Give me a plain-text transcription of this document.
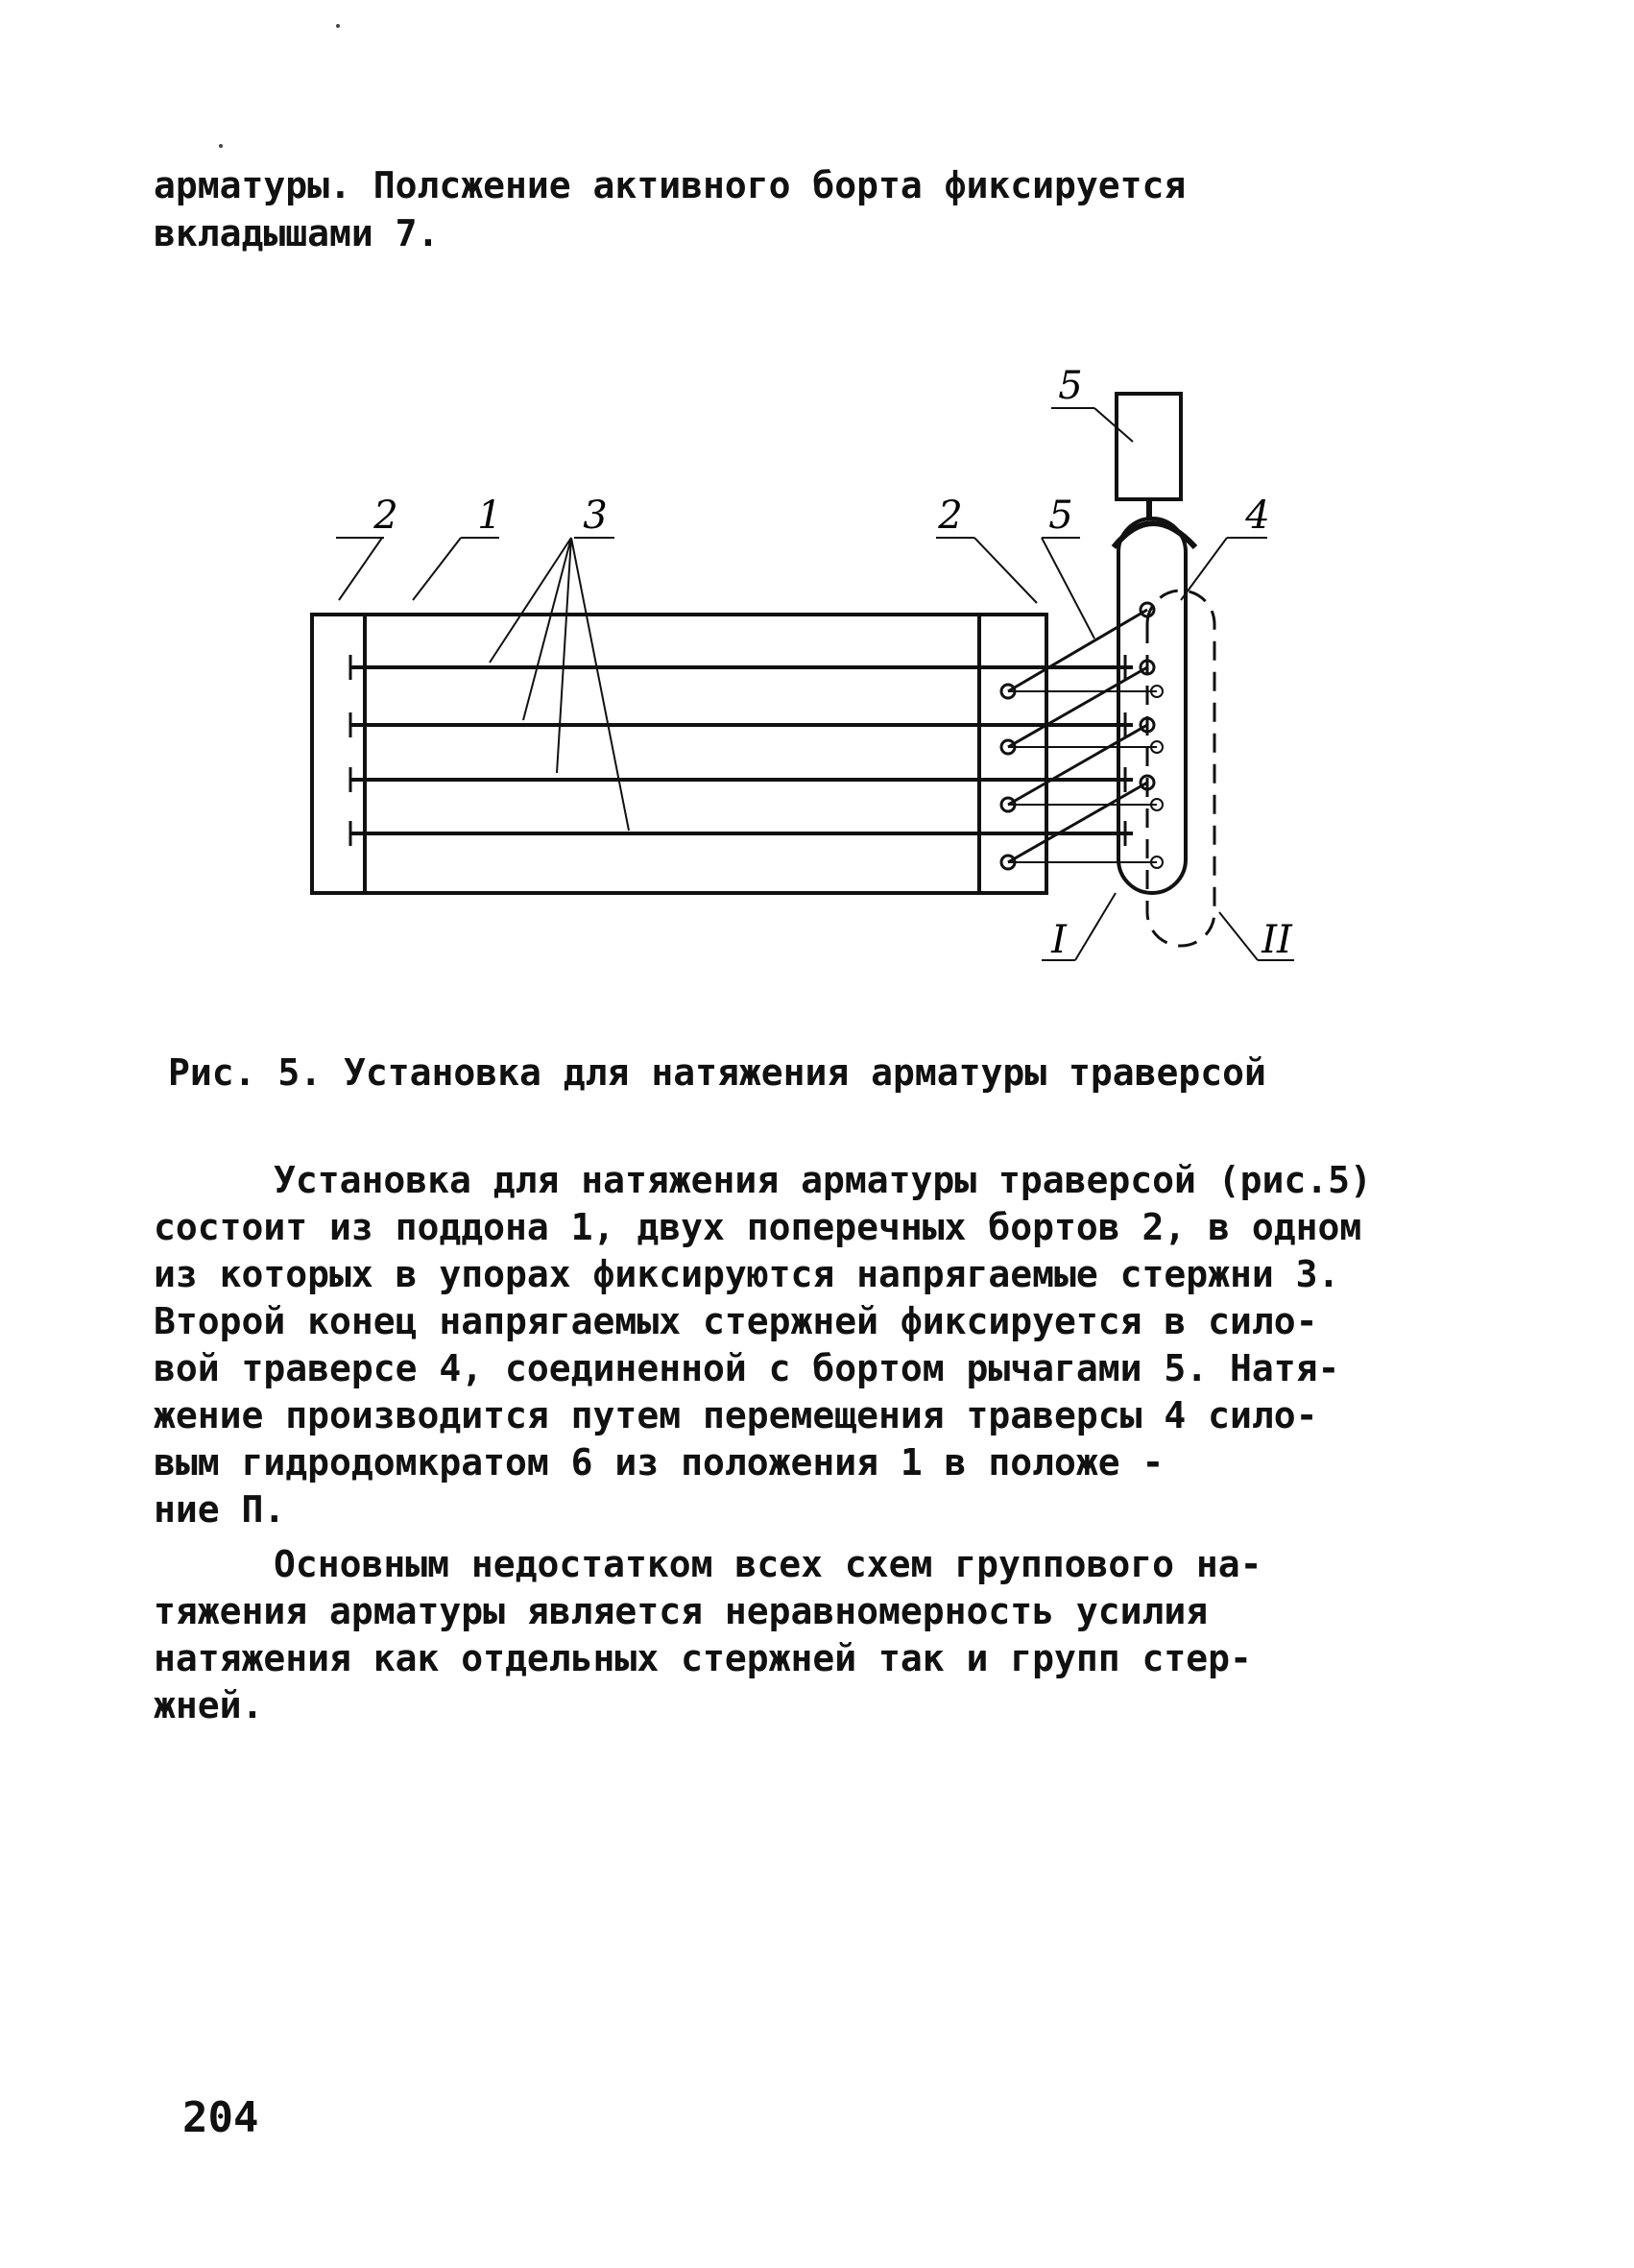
арматуры. Полсжение активного борта фиксируется
вкладышами 7.
2 1 3	2 5
5
4
I	II
Рис. 5. Установка для натяжения арматуры траверсой
Установка для натяжения арматуры траверсой (рис.5)
состоит из поддона 1, двух поперечных бортов 2, в одном
из которых в упорах фиксируются напрягаемые стержни 3.
Второй конец напрягаемых стержней фиксируется в сило-
вой траверсе 4, соединенной с бортом рычагами 5. Натя-
жение производится путем перемещения траверсы 4 сило-
вым гидродомкратом 6 из положения 1 в положе -
ние П.
Основным недостатком всех схем группового на-
тяжения арматуры является неравномерность усилия
натяжения как отдельных стержней так и групп стер-
жней.
204
